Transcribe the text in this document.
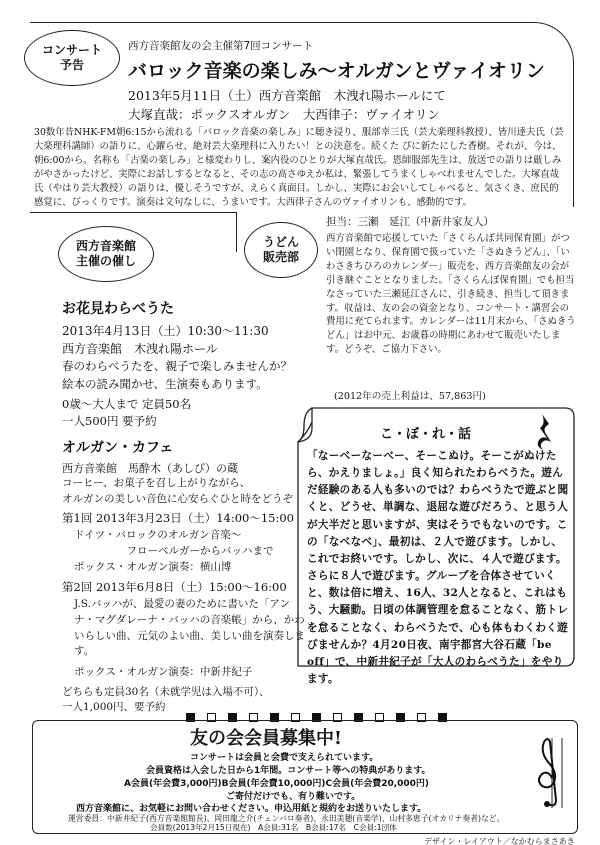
コンサート
予告
西方音楽館友の会主催第7回コンサート
バロック音楽の楽しみ〜オルガンとヴァイオリン
2013年5月11日（土）西方音楽館　木洩れ陽ホールにて
大塚直哉：ポックスオルガン　大西律子：ヴァイオリン
30数年昔NHK-FM朝6:15から流れる「バロック音楽の楽しみ」に聴き浸り、服部幸三氏（芸大楽理科教授）、皆川達夫氏（芸大楽理科講師）の語りに、心躍らせ、絶対芸大楽理科に入りたい！との決意を。続くた ぴに新たにした香樹。それが、今は、朝6:00から。名称も「古楽の楽しみ」と様変わりし、案内役のひとりが大塚直哉氏。恩師服部先生は、放送での語りは厳しみがやさかったけど、実際にお話しするとなると、その志の高さゆえか私は、緊張してうまくしゃべれませんでした。大塚直哉氏（やはり芸大教授）の語りは、優しそうですが、えらく真面目。しかし、実際にお会いしてしゃべると、気さくき、庶民的感覚に、びっくりです。演奏は文句なしに、うまいです。大西律子さんのヴァイオリンも、感動的です。
西方音楽館
主催の催し
お花見わらべうた
2013年4月13日（土）10:30〜11:30
西方音楽館　木洩れ陽ホール
春のわらべうたを、親子で楽しみませんか？
絵本の読み聞かせ、生演奏もあります。
0歳〜大人まで 定員50名
一人500円 要予約
オルガン・カフェ
西方音楽館　馬酔木（あしび）の蔵
コーヒー、お菓子を召し上がりながら、
オルガンの美しい音色に心安らぐひと時をどうぞ
第1回 2013年3月23日（土）14:00〜15:00
ドイツ・バロックのオルガン音楽〜
　　　　　フローベルガーからバッハまで
ポックス・オルガン演奏：横山博
第2回 2013年6月8日（土）15:00〜16:00
J.S.バッハが、最愛の妻のために書いた「アンナ・マグダレーナ・バッハの音楽帳」から、かわいらしい曲、元気のよい曲、美しい曲を演奏します。
ポックス・オルガン演奏：中新井紀子
どちらも定員30名（未就学児は入場不可）、
一人1,000円、要予約
うどん
販売部
担当：三瀬　延江（中新井家友人）
西方音楽館で応援していた「さくらんぼ共同保育園」がつい閉園となり、保育園で扱っていた「さぬきうどん」、「いわさきちひろのカレンダー」販売を、西方音楽館友の会が引き継ぐこととなりました。「さくらんぼ保育園」でも担当なさっていた三瀬延江さんに、引き続き、担当して頂きます。収益は、友の会の資金となり、コンサート・講習会の費用に充てられます。カレンダーは11月末から、「さぬきうどん」はお中元、お歳暮の時期にあわせて販売いたします。どうぞ、ご協力下さい。
(2012年の売上利益は、57,863円)
こ・ぼ・れ・話
「なーべーなーべー、そーこぬけ。そーこがぬけたら、かえりましょ。」良く知られたわらべうた。遊んだ経験のある人も多いのでは？わらべうたで遊ぶと聞くと、どうせ、単調な、退屈な遊びだろう、と思う人が大半だと思いますが、実はそうでもないのです。この「なべなべ」、最初は、２人で遊びます。しかし、これでお終いです。しかし、次に、４人で遊びます。さらに８人で遊びます。グループを合体させていくと、数は倍に増え、16人、32人となると、これはもう、大騒動。日頃の体調管理を怠ることなく、筋トレを怠ることなく、わらべうたで、心も体もわくわく遊びませんか？4月20日夜、南宇都宮大谷石蔵「be off」で、中新井紀子が「大人のわらべうた」をやります。
友の会会員募集中!
コンサートは会員と会費で支えられています。
会員資格は入会した日から1年間。コンサート等への特典があります。
A会員(年会費3,000円)B会員(年会費10,000円)C会員(年会費20,000円)
ご寄付だけでも、有り難いです。
西方音楽館に、お気軽にお問い合わせください。申込用紙と規約をお送りいたします。
運営委員：中新井紀子(西方音楽館館長)、岡田龍之介(チェンバロ奏者)、永田美穂(音楽学)、山村多恵子(オカリナ奏者)など。
デザイン・レイアウト／なかむらまさあき
会員数(2013年2月15日現在)　A会員:31名　B会員:17名　C会員:1団体
